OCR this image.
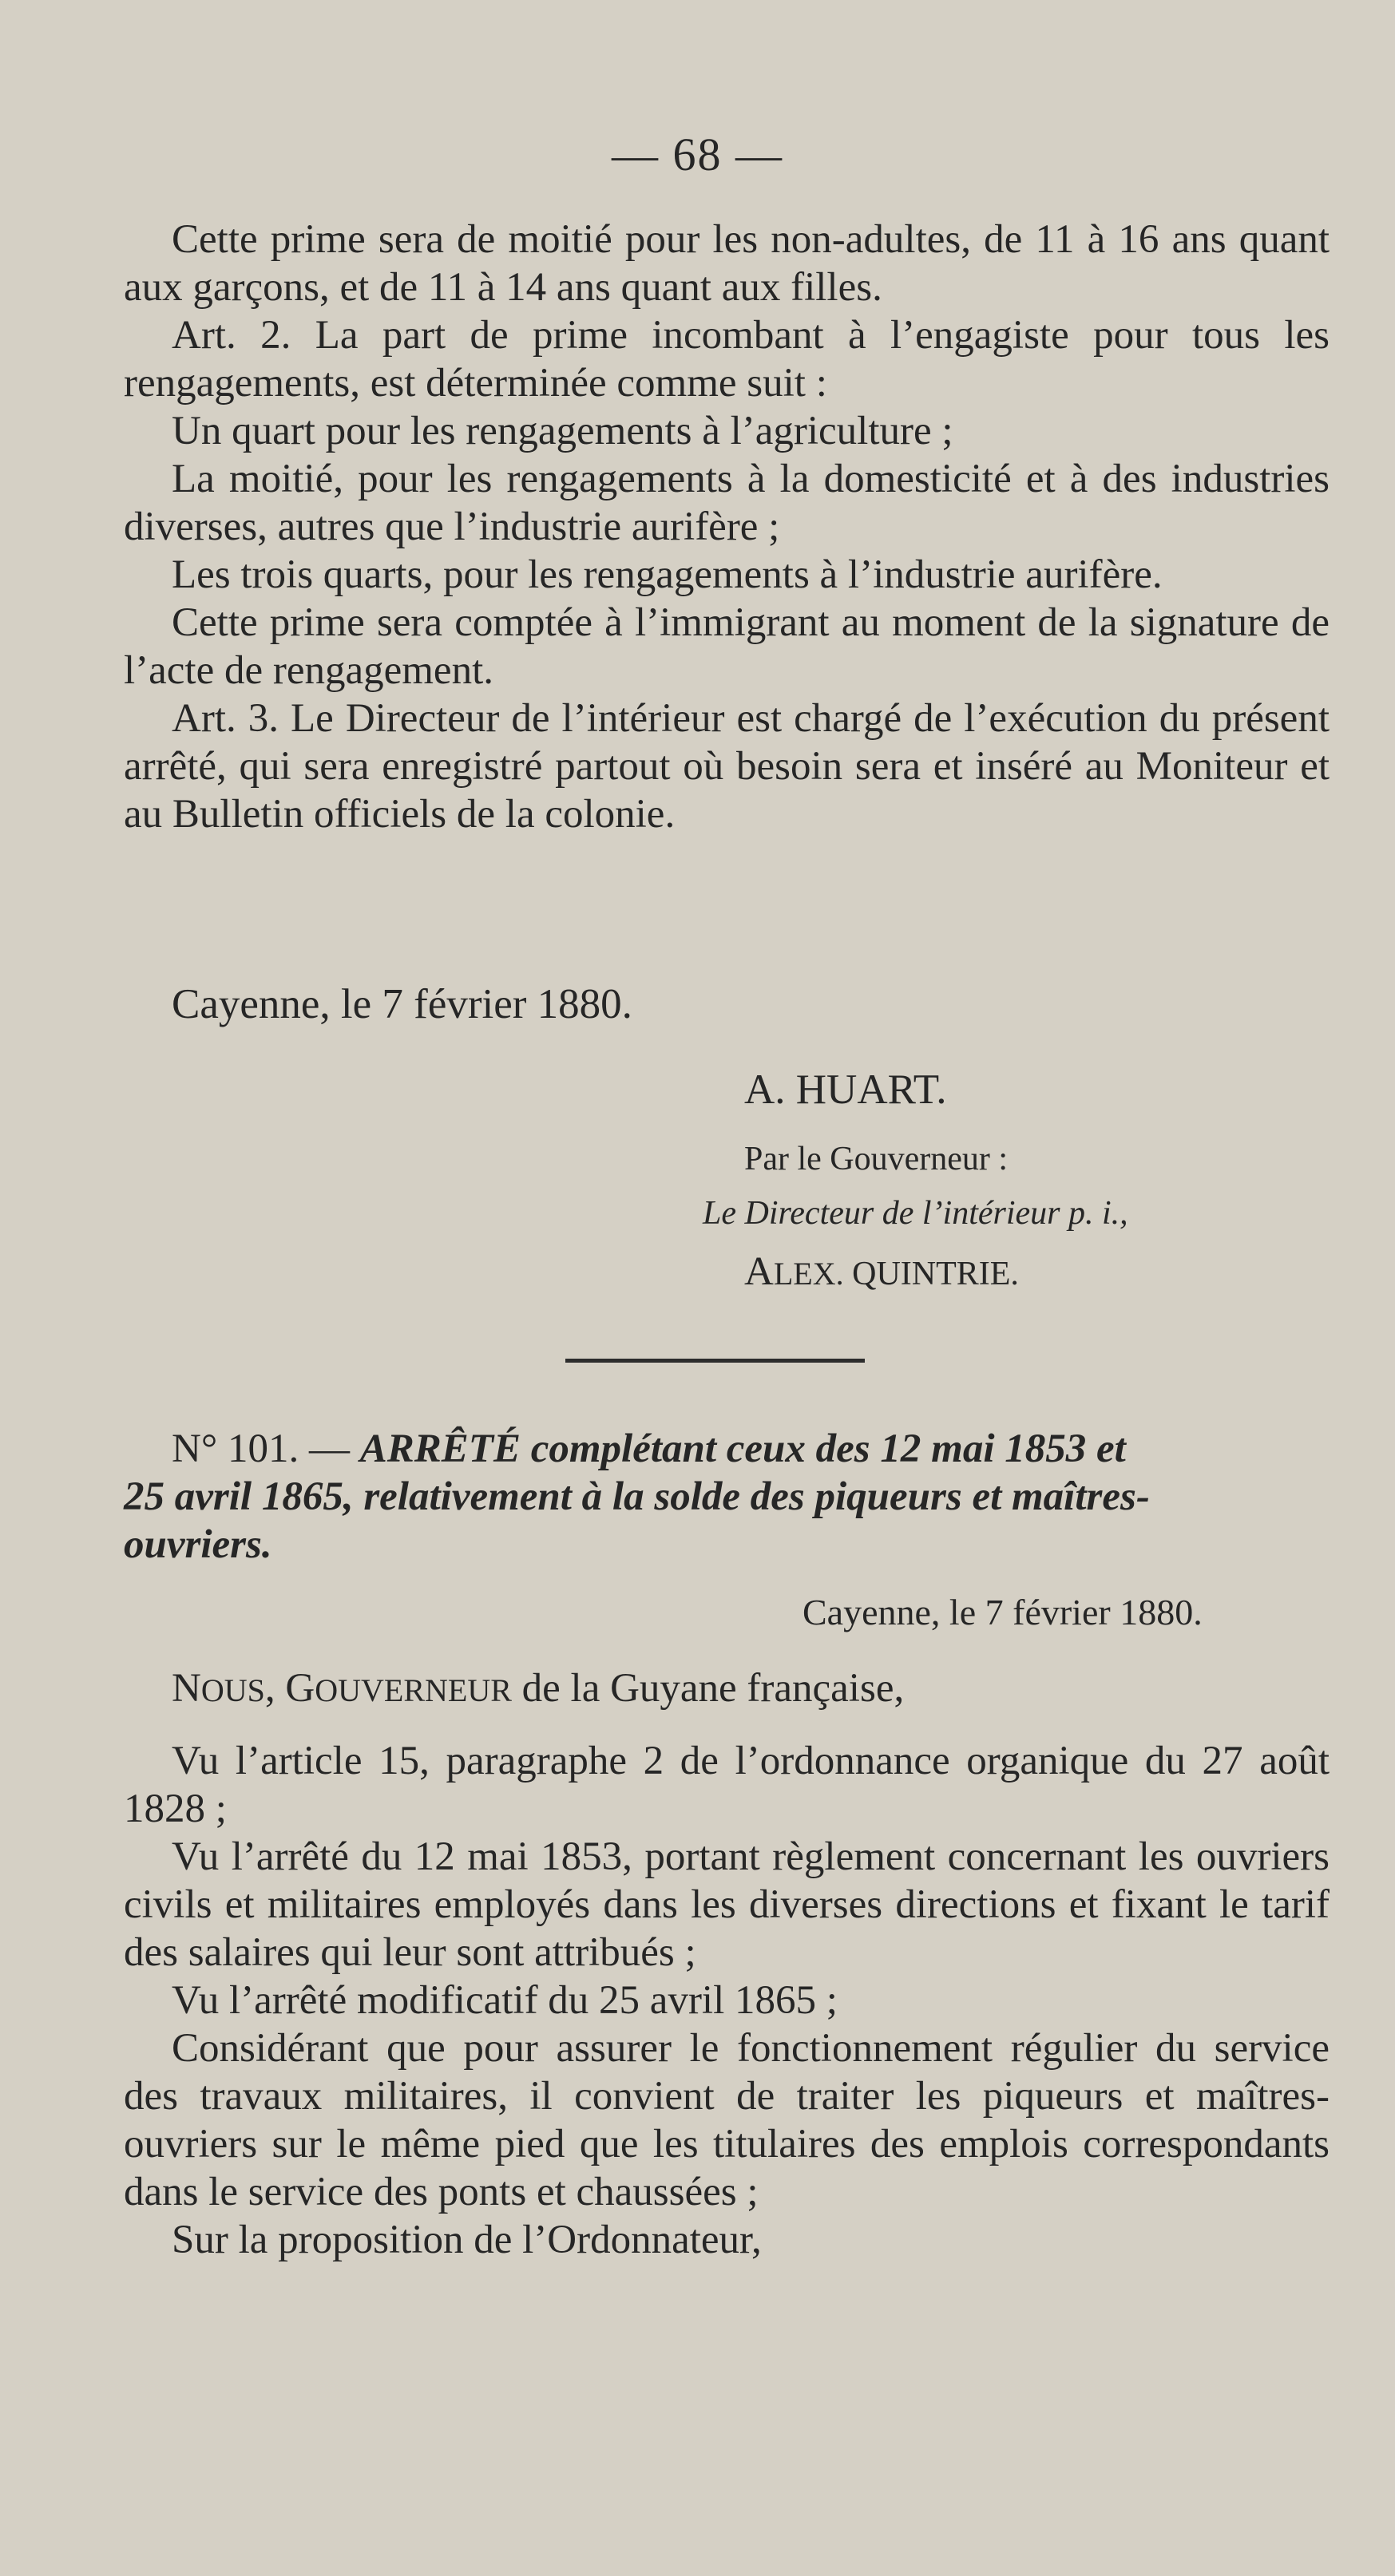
— 68 —

Cette prime sera de moitié pour les non-adultes, de 11 à 16 ans quant aux garçons, et de 11 à 14 ans quant aux filles.

Art. 2. La part de prime incombant à l’engagiste pour tous les rengagements, est déterminée comme suit :

Un quart pour les rengagements à l’agriculture ;

La moitié, pour les rengagements à la domesticité et à des industries diverses, autres que l’industrie aurifère ;

Les trois quarts, pour les rengagements à l’industrie aurifère.

Cette prime sera comptée à l’immigrant au moment de la signature de l’acte de rengagement.

Art. 3. Le Directeur de l’intérieur est chargé de l’exécution du présent arrêté, qui sera enregistré partout où besoin sera et inséré au Moniteur et au Bulletin officiels de la colonie.

Cayenne, le 7 février 1880.
A. HUART.
Par le Gouverneur :
Le Directeur de l’intérieur p. i.,
ALEX. QUINTRIE.

N° 101. — ARRÊTÉ complétant ceux des 12 mai 1853 et

25 avril 1865, relativement à la solde des piqueurs et maîtres-

ouvriers.

Cayenne, le 7 février 1880.

NOUS, GOUVERNEUR de la Guyane française,

Vu l’article 15, paragraphe 2 de l’ordonnance organique du 27 août 1828 ;

Vu l’arrêté du 12 mai 1853, portant règlement concernant les ouvriers civils et militaires employés dans les diverses directions et fixant le tarif des salaires qui leur sont attribués ;

Vu l’arrêté modificatif du 25 avril 1865 ;

Considérant que pour assurer le fonctionnement régulier du service des travaux militaires, il convient de traiter les piqueurs et maîtres-ouvriers sur le même pied que les titulaires des emplois correspondants dans le service des ponts et chaussées ;

Sur la proposition de l’Ordonnateur,
